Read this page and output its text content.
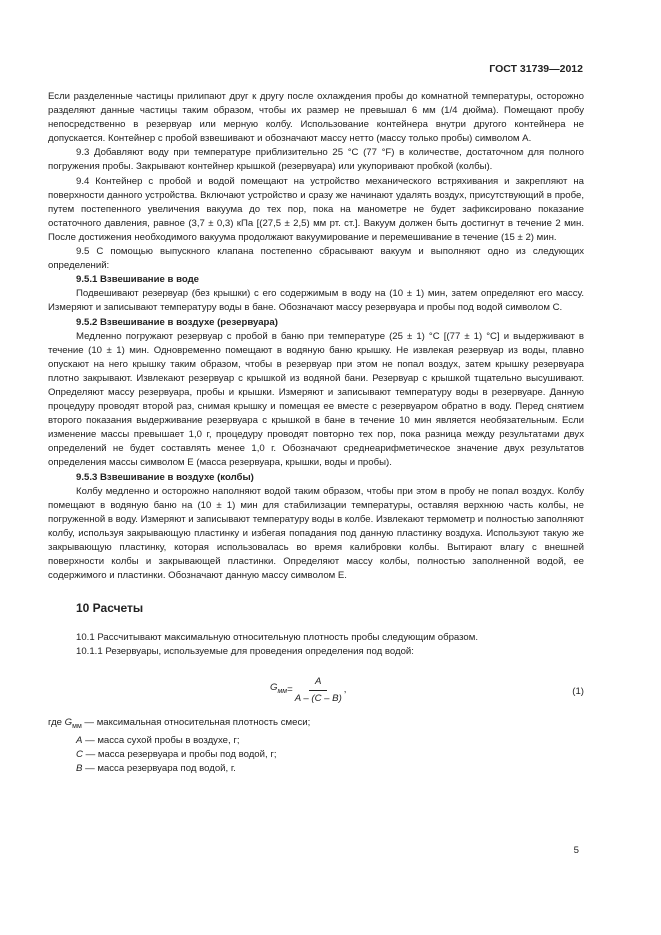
ГОСТ 31739—2012

Если разделенные частицы прилипают друг к другу после охлаждения пробы до комнатной температуры, осторожно разделяют данные частицы таким образом, чтобы их размер не превышал 6 мм (1/4 дюйма). Помещают пробу непосредственно в резервуар или мерную колбу. Использование контейнера внутри другого контейнера не допускается. Контейнер с пробой взвешивают и обозначают массу нетто (массу только пробы) символом А.

9.3 Добавляют воду при температуре приблизительно 25 °С (77 °F) в количестве, достаточном для полного погружения пробы. Закрывают контейнер крышкой (резервуара) или укупоривают пробкой (колбы).

9.4 Контейнер с пробой и водой помещают на устройство механического встряхивания и закрепляют на поверхности данного устройства. Включают устройство и сразу же начинают удалять воздух, присутствующий в пробе, путем постепенного увеличения вакуума до тех пор, пока на манометре не будет зафиксировано показание остаточного давления, равное (3,7 ± 0,3) кПа [(27,5 ± 2,5) мм рт. ст.]. Вакуум должен быть достигнут в течение 2 мин. После достижения необходимого вакуума продолжают вакуумирование и перемешивание в течение (15 ± 2) мин.

9.5 С помощью выпускного клапана постепенно сбрасывают вакуум и выполняют одно из следующих определений:

9.5.1 Взвешивание в воде

Подвешивают резервуар (без крышки) с его содержимым в воду на (10 ± 1) мин, затем определяют его массу. Измеряют и записывают температуру воды в бане. Обозначают массу резервуара и пробы под водой символом С.

9.5.2 Взвешивание в воздухе (резервуара)

Медленно погружают резервуар с пробой в баню при температуре (25 ± 1) °С [(77 ± 1) °С] и выдерживают в течение (10 ± 1) мин. Одновременно помещают в водяную баню крышку. Не извлекая резервуар из воды, плавно опускают на него крышку таким образом, чтобы в резервуар при этом не попал воздух, затем крышку резервуара плотно закрывают. Извлекают резервуар с крышкой из водяной бани. Резервуар с крышкой тщательно высушивают. Определяют массу резервуара, пробы и крышки. Измеряют и записывают температуру воды в резервуаре. Данную процедуру проводят второй раз, снимая крышку и помещая ее вместе с резервуаром обратно в воду. Перед снятием второго показания выдерживание резервуара с крышкой в бане в течение 10 мин является необязательным. Если изменение массы превышает 1,0 г, процедуру проводят повторно тех пор, пока разница между результатами двух определений не будет составлять менее 1,0 г. Обозначают среднеарифметическое значение двух результатов определения массы символом Е (масса резервуара, крышки, воды и пробы).

9.5.3 Взвешивание в воздухе (колбы)

Колбу медленно и осторожно наполняют водой таким образом, чтобы при этом в пробу не попал воздух. Колбу помещают в водяную баню на (10 ± 1) мин для стабилизации температуры, оставляя верхнюю часть колбы, не погруженной в воду. Измеряют и записывают температуру воды в колбе. Извлекают термометр и полностью заполняют колбу, используя закрывающую пластинку и избегая попадания под данную пластинку воздуха. Используют такую же закрывающую пластинку, которая использовалась во время калибровки колбы. Вытирают влагу с внешней поверхности колбы и закрывающей пластинки. Определяют массу колбы, полностью заполненной водой, ее содержимого и пластинки. Обозначают данную массу символом Е.

10 Расчеты

10.1 Рассчитывают максимальную относительную плотность пробы следующим образом.

10.1.1 Резервуары, используемые для проведения определения под водой:

$G_{мм} = \frac{A}{A - (C - B)}$ ,	(1)

где $G_{мм}$ — максимальная относительная плотность смеси;

A — масса сухой пробы в воздухе, г;

C — масса резервуара и пробы под водой, г;

B — масса резервуара под водой, г.

5
